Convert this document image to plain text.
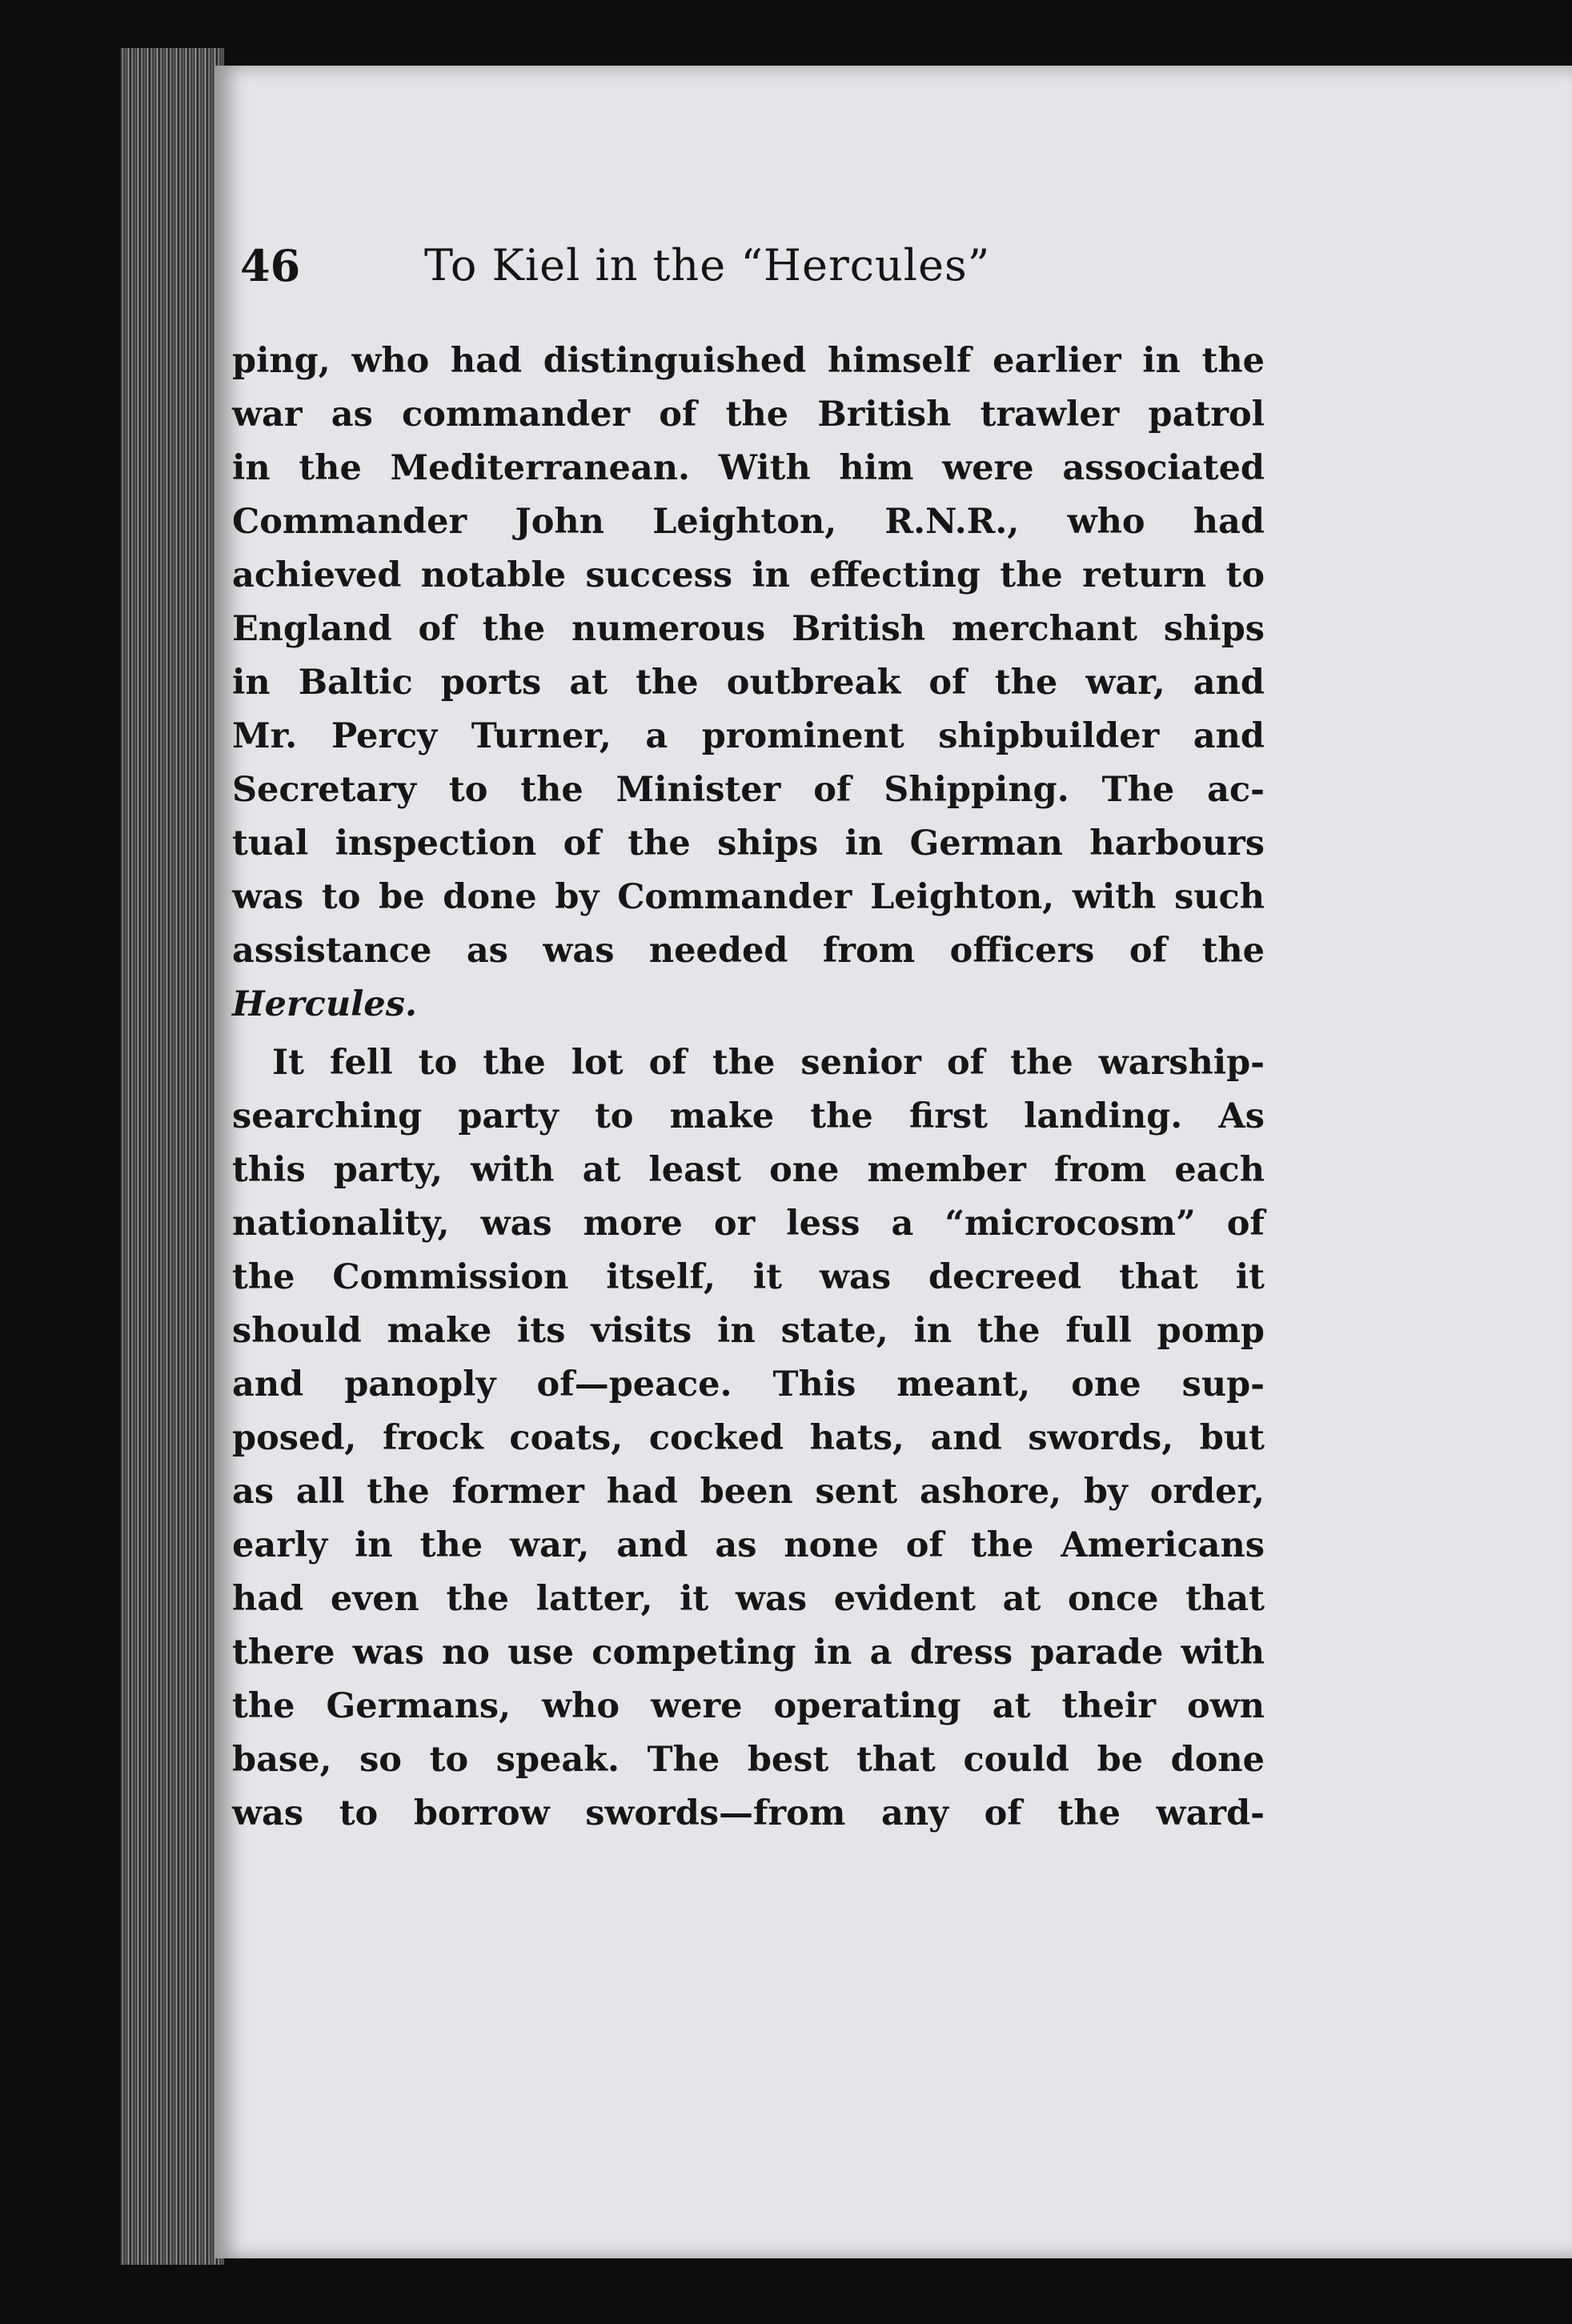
46	To Kiel in the “Hercules”
ping, who had distinguished himself earlier in the
war as commander of the British trawler patrol
in the Mediterranean. With him were associated
Commander John Leighton, R.N.R., who had
achieved notable success in effecting the return to
England of the numerous British merchant ships
in Baltic ports at the outbreak of the war, and
Mr. Percy Turner, a prominent shipbuilder and
Secretary to the Minister of Shipping. The ac-
tual inspection of the ships in German harbours
was to be done by Commander Leighton, with such
assistance as was needed from officers of the
Hercules.
It fell to the lot of the senior of the warship-
searching party to make the first landing. As
this party, with at least one member from each
nationality, was more or less a “microcosm” of
the Commission itself, it was decreed that it
should make its visits in state, in the full pomp
and panoply of—peace. This meant, one sup-
posed, frock coats, cocked hats, and swords, but
as all the former had been sent ashore, by order,
early in the war, and as none of the Americans
had even the latter, it was evident at once that
there was no use competing in a dress parade with
the Germans, who were operating at their own
base, so to speak. The best that could be done
was to borrow swords—from any of the ward-
